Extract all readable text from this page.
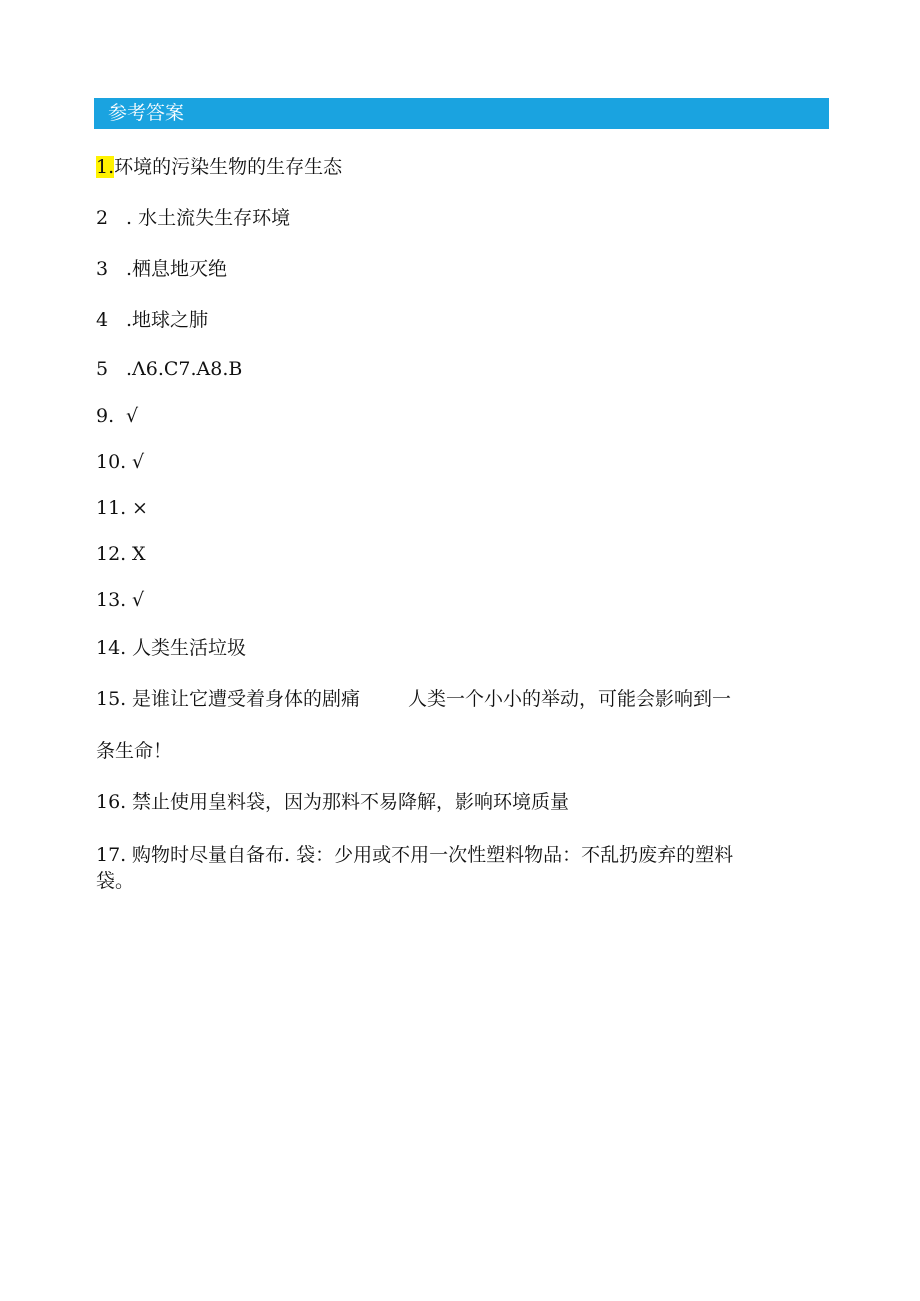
参考答案
1.环境的污染生物的生存生态
2 . 水土流失生存环境
3 .栖息地灭绝
4 .地球之肺
5 .Λ6.C7.A8.B
9. √
10. √
11. ×
12. X
13. √
14. 人类生活垃圾
15. 是谁让它遭受着身体的剧痛	人类一个小小的举动，可能会影响到一
条生命！
16. 禁止使用皇料袋，因为那料不易降解，影响环境质量
17. 购物时尽量自备布. 袋：少用或不用一次性塑料物品：不乱扔废弃的塑料
袋。
